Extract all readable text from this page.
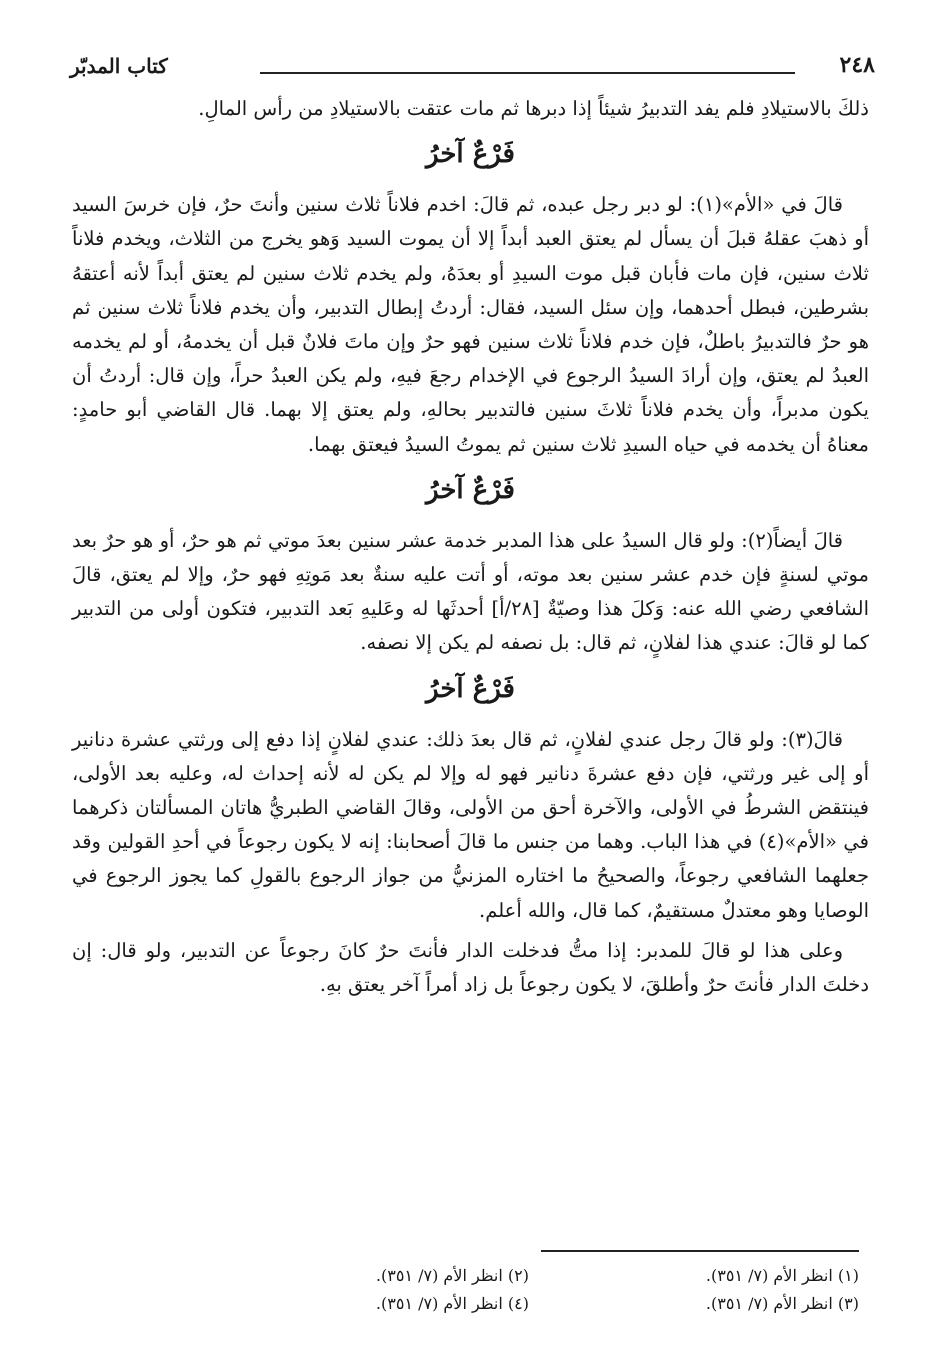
٢٤٨
كتاب المدبّر

ذلكَ بالاستيلادِ فلم يفد التدبيرُ شيئاً إذا دبرها ثم مات عتقت بالاستيلادِ من رأس المالِ.

فَرْعٌ آخرُ

قالَ في «الأم»(١): لو دبر رجل عبده، ثم قالَ: اخدم فلاناً ثلاث سنين وأنتَ حرٌ، فإن خرسَ السيد أو ذهبَ عقلهُ قبلَ أن يسأل لم يعتق العبد أبداً إلا أن يموت السيد وَهو يخرج من الثلاث، ويخدم فلاناً ثلاث سنين، فإن مات فأبان قبل موت السيدِ أو بعدَهُ، ولم يخدم ثلاث سنين لم يعتق أبداً لأنه أعتقهُ بشرطين، فبطل أحدهما، وإن سئل السيد، فقال: أردتُ إبطال التدبير، وأن يخدم فلاناً ثلاث سنين ثم هو حرٌ فالتدبيرُ باطلٌ، فإن خدم فلاناً ثلاث سنين فهو حرٌ وإن ماتَ فلانٌ قبل أن يخدمهُ، أو لم يخدمه العبدُ لم يعتق، وإن أرادَ السيدُ الرجوع في الإخدام رجعَ فيهِ، ولم يكن العبدُ حراً، وإن قال: أردتُ أن يكون مدبراً، وأن يخدم فلاناً ثلاثَ سنين فالتدبير بحالهِ، ولم يعتق إلا بهما. قال القاضي أبو حامدٍ: معناهُ أن يخدمه في حياه السيدِ ثلاث سنين ثم يموتُ السيدُ فيعتق بهما.

فَرْعٌ آخرُ

قالَ أيضاً(٢): ولو قال السيدُ على هذا المدبر خدمة عشر سنين بعدَ موتي ثم هو حرٌ، أو هو حرٌ بعد موتي لسنةٍ فإن خدم عشر سنين بعد موته، أو أتت عليه سنةٌ بعد مَوتِهِ فهو حرٌ، وإلا لم يعتق، قالَ الشافعي رضي الله عنه: وَكلَ هذا وصيّةٌ [٢٨/أ] أحدثَها له وعَليهِ بَعد التدبير، فتكون أولى من التدبير كما لو قالَ: عندي هذا لفلانٍ، ثم قال: بل نصفه لم يكن إلا نصفه.

فَرْعٌ آخرُ

قالَ(٣): ولو قالَ رجل عندي لفلانٍ، ثم قال بعدَ ذلك: عندي لفلانٍ إذا دفع إلى ورثتي عشرة دنانير أو إلى غير ورثتي، فإن دفع عشرةَ دنانير فهو له وإلا لم يكن له لأنه إحداث له، وعليه بعد الأولى، فينتقض الشرطُ في الأولى، والآخرة أحق من الأولى، وقالَ القاضي الطبريُّ هاتان المسألتان ذكرهما في «الأم»(٤) في هذا الباب. وهما من جنس ما قالَ أصحابنا: إنه لا يكون رجوعاً في أحدِ القولين وقد جعلهما الشافعي رجوعاً، والصحيحُ ما اختاره المزنيُّ من جواز الرجوع بالقولِ كما يجوز الرجوع في الوصايا وهو معتدلٌ مستقيمٌ، كما قال، والله أعلم.

وعلى هذا لو قالَ للمدبر: إذا متُّ فدخلت الدار فأنتَ حرٌ كانَ رجوعاً عن التدبير، ولو قال: إن دخلتَ الدار فأنتَ حرٌ وأطلقَ، لا يكون رجوعاً بل زاد أمراً آخر يعتق بهِ.

(١) انظر الأم (٧/ ٣٥١).
(٢) انظر الأم (٧/ ٣٥١).
(٣) انظر الأم (٧/ ٣٥١).
(٤) انظر الأم (٧/ ٣٥١).
